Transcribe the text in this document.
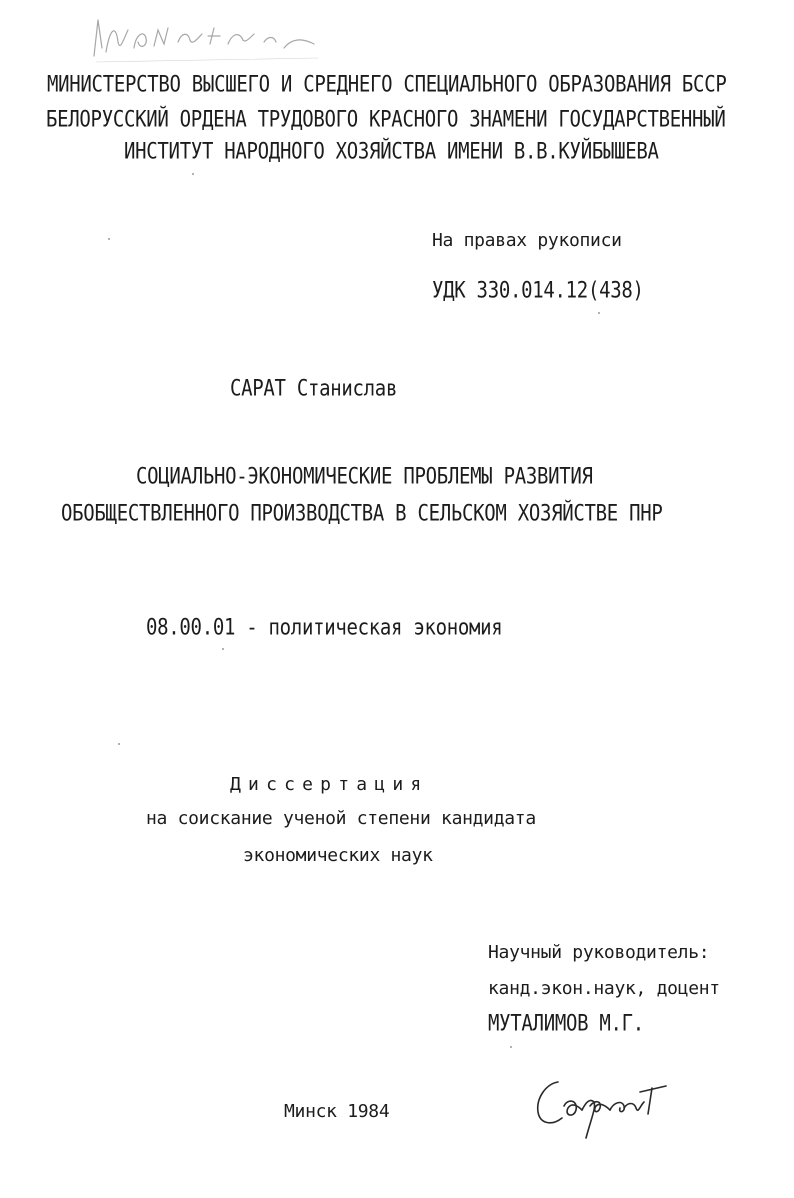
МИНИСТЕРСТВО ВЫСШЕГО И СРЕДНЕГО СПЕЦИАЛЬНОГО ОБРАЗОВАНИЯ БССР
БЕЛОРУССКИЙ ОРДЕНА ТРУДОВОГО КРАСНОГО ЗНАМЕНИ ГОСУДАРСТВЕННЫЙ
ИНСТИТУТ НАРОДНОГО ХОЗЯЙСТВА ИМЕНИ В.В.КУЙБЫШЕВА
На правах рукописи
УДК 330.014.12(438)
САРАТ Станислав
СОЦИАЛЬНО-ЭКОНОМИЧЕСКИЕ ПРОБЛЕМЫ РАЗВИТИЯ
ОБОБЩЕСТВЛЕННОГО ПРОИЗВОДСТВА В СЕЛЬСКОМ ХОЗЯЙСТВЕ ПНР
08.00.01 - политическая экономия
Диссертация
на соискание ученой степени кандидата
экономических наук
Научный руководитель:
канд.экон.наук, доцент
МУТАЛИМОВ М.Г.
Минск 1984
